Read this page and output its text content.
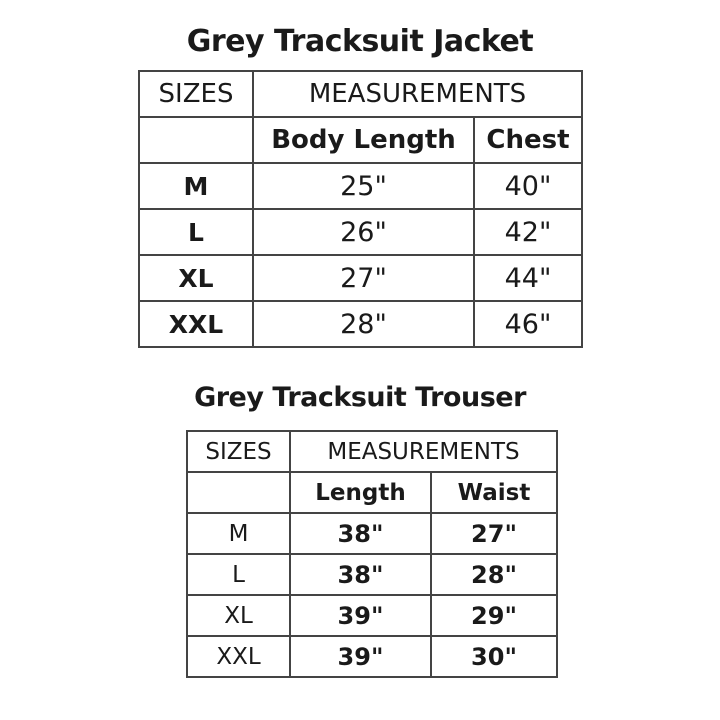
Grey Tracksuit Jacket
SIZES	MEASUREMENTS	
	Body Length	Chest
M	25"	40"
L	26"	42"
XL	27"	44"
XXL	28"	46"
Grey Tracksuit Trouser
SIZES	MEASUREMENTS	
	Length	Waist
M	38"	27"
L	38"	28"
XL	39"	29"
XXL	39"	30"
